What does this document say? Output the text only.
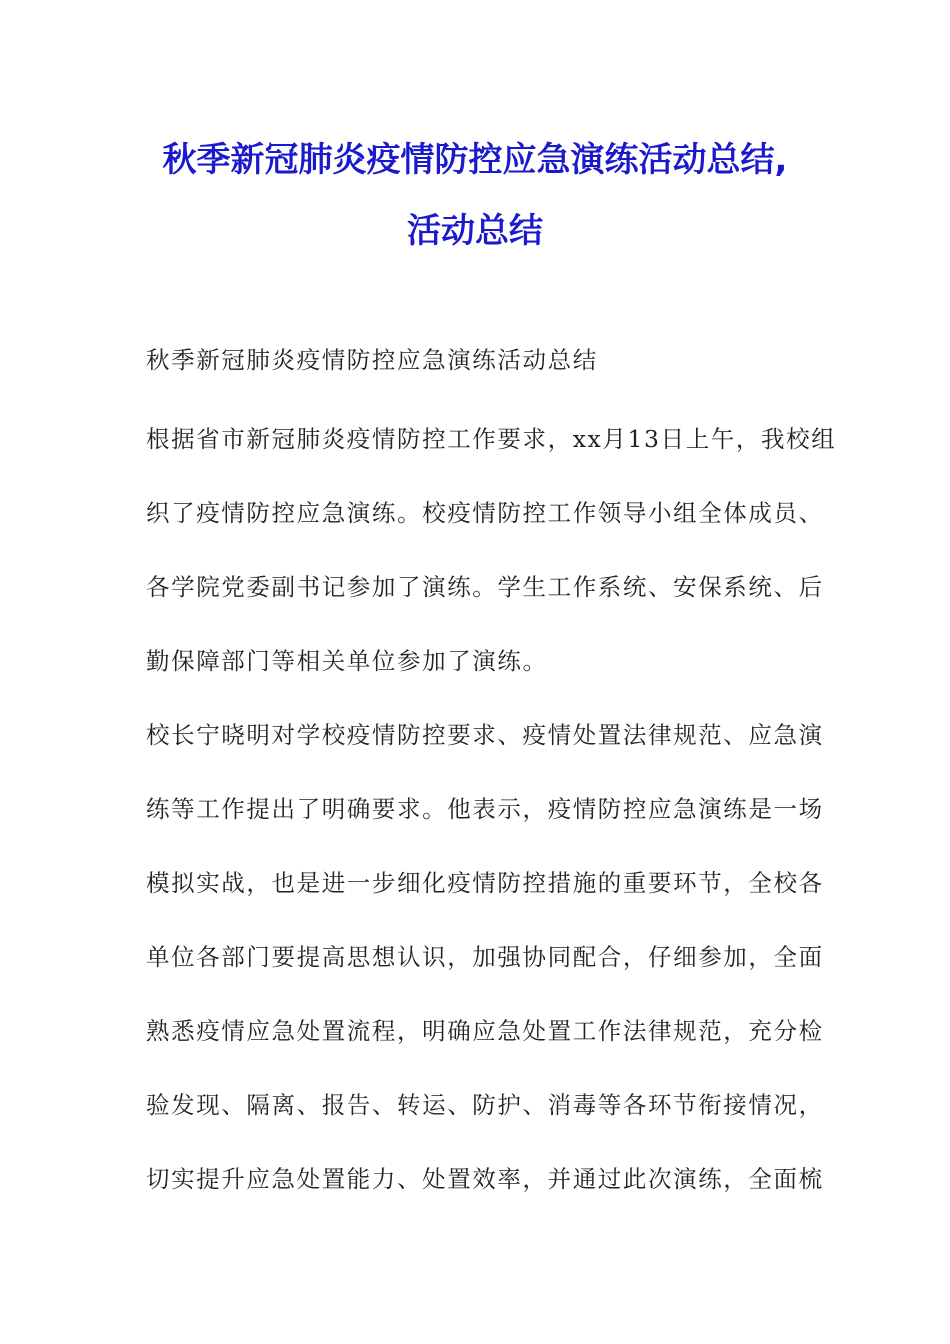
秋季新冠肺炎疫情防控应急演练活动总结,
活动总结
秋季新冠肺炎疫情防控应急演练活动总结
根据省市新冠肺炎疫情防控工作要求，xx月13日上午，我校组
织了疫情防控应急演练。校疫情防控工作领导小组全体成员、
各学院党委副书记参加了演练。学生工作系统、安保系统、后
勤保障部门等相关单位参加了演练。
校长宁晓明对学校疫情防控要求、疫情处置法律规范、应急演
练等工作提出了明确要求。他表示，疫情防控应急演练是一场
模拟实战，也是进一步细化疫情防控措施的重要环节，全校各
单位各部门要提高思想认识，加强协同配合，仔细参加，全面
熟悉疫情应急处置流程，明确应急处置工作法律规范，充分检
验发现、隔离、报告、转运、防护、消毒等各环节衔接情况，
切实提升应急处置能力、处置效率，并通过此次演练，全面梳
